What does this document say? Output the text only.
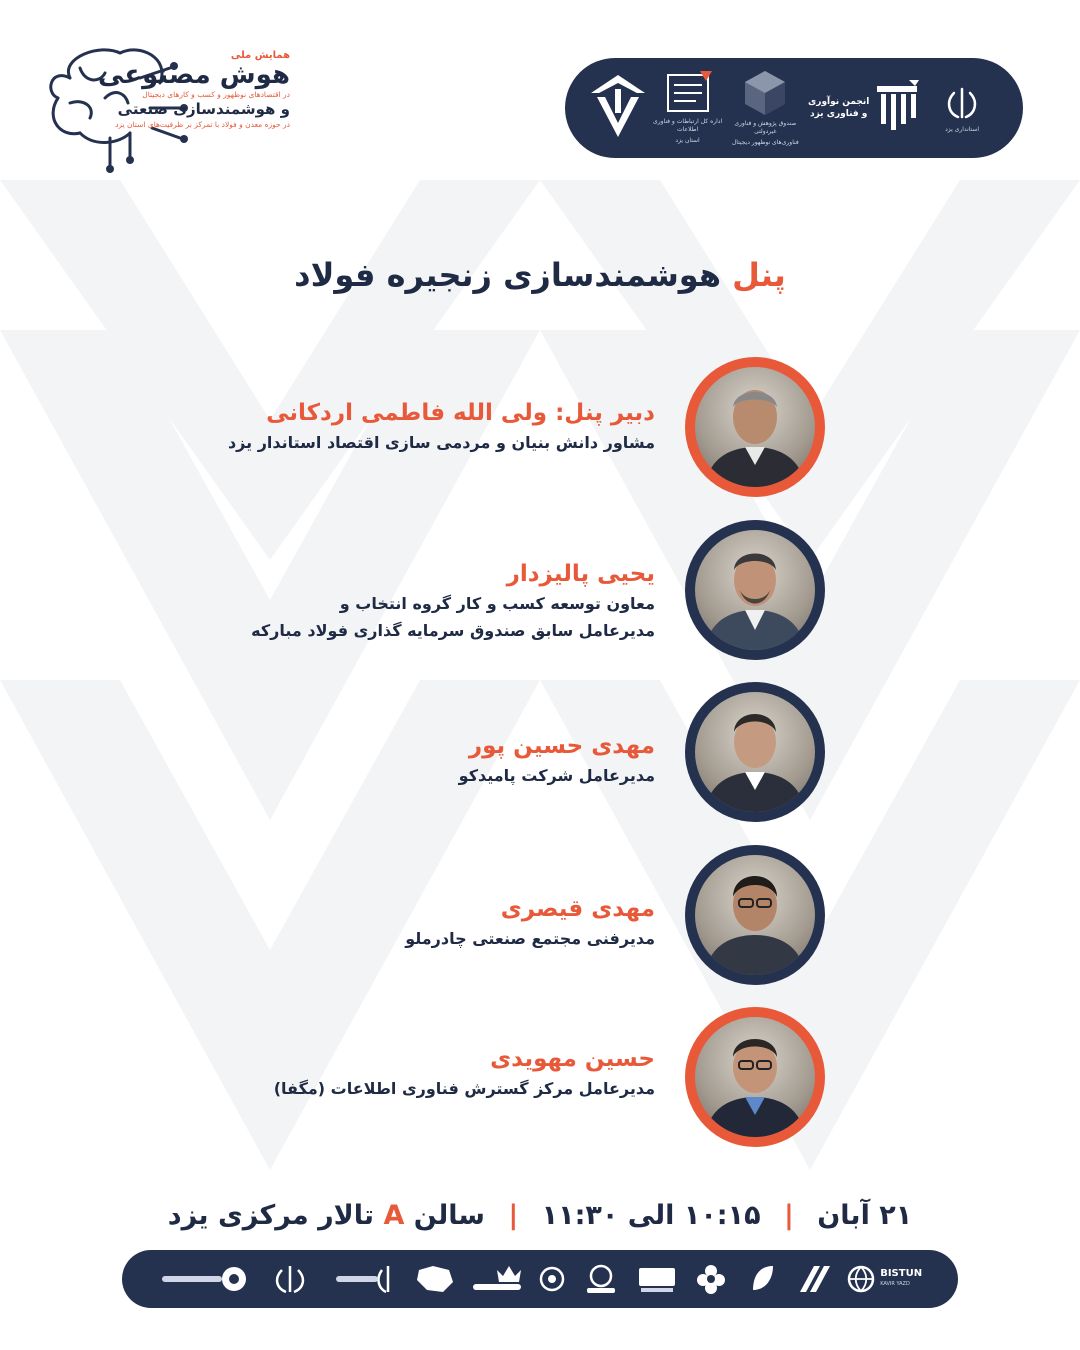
همایش ملی
هوش مصنوعی
در اقتصادهای نوظهور و کسب و کارهای دیجیتال
و هوشمندسازی صنعتی
در حوزه معدن و فولاد با تمرکز بر ظرفیت‌های استان یزد	اداره کل ارتباطات و فناوری اطلاعات
استان یزد
صندوق پژوهش و فناوری غیردولتی
فناوری‌های نوظهور دیجیتال
انجمن نوآوری
و فناوری یزد
استانداری یزد
پنل هوشمندسازی زنجیره فولاد
دبیر پنل: ولی الله فاطمی اردکانی
مشاور دانش بنیان و مردمی سازی اقتصاد استاندار یزد
یحیی پالیزدار
معاون توسعه کسب و کار گروه انتخاب و
مدیرعامل سابق صندوق سرمایه گذاری فولاد مبارکه
مهدی حسین پور
مدیرعامل شرکت پامیدکو
مهدی قیصری
مدیرفنی مجتمع صنعتی چادرملو
حسین مهویدی
مدیرعامل مرکز گسترش فناوری اطلاعات (مگفا)
۲۱ آبان | ۱۰:۱۵ الی ۱۱:۳۰ | سالن A تالار مرکزی یزد
BISTUN
KAVIR YAZD
